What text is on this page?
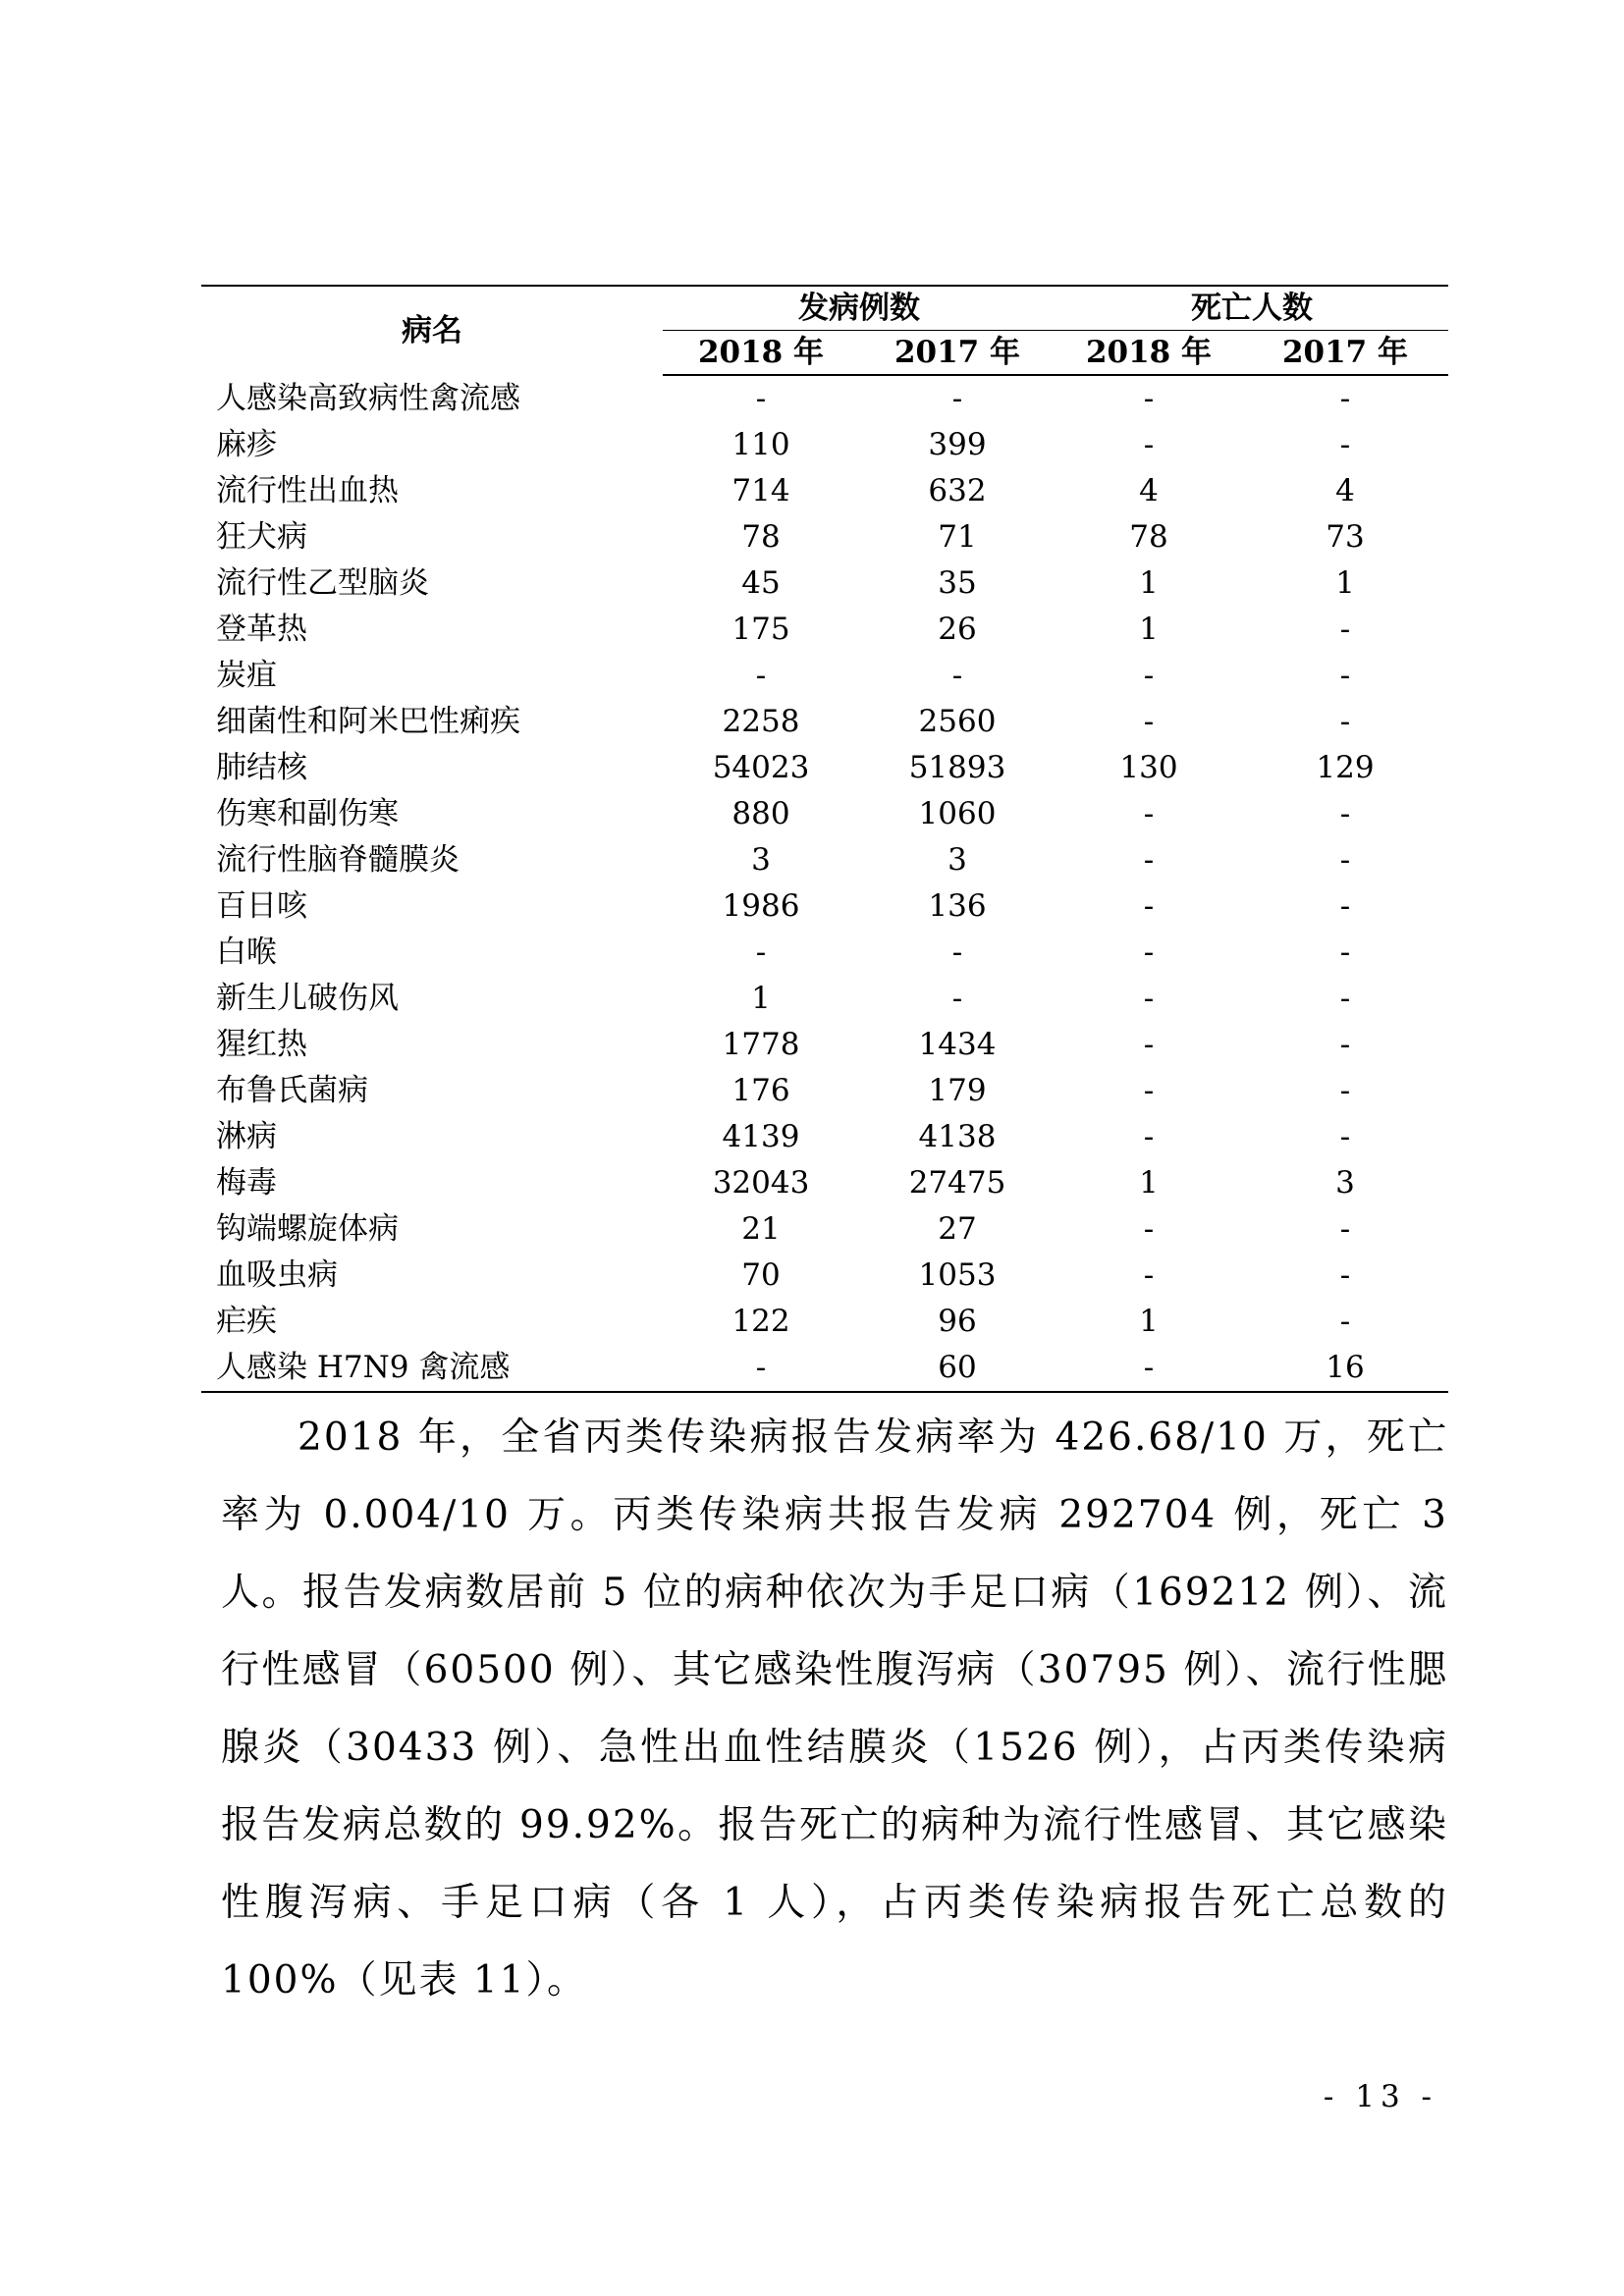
病名	发病例数		死亡人数	
	2018 年	2017 年	2018 年	2017 年
人感染高致病性禽流感	-	-	-	-
麻疹	110	399	-	-
流行性出血热	714	632	4	4
狂犬病	78	71	78	73
流行性乙型脑炎	45	35	1	1
登革热	175	26	1	-
炭疽	-	-	-	-
细菌性和阿米巴性痢疾	2258	2560	-	-
肺结核	54023	51893	130	129
伤寒和副伤寒	880	1060	-	-
流行性脑脊髓膜炎	3	3	-	-
百日咳	1986	136	-	-
白喉	-	-	-	-
新生儿破伤风	1	-	-	-
猩红热	1778	1434	-	-
布鲁氏菌病	176	179	-	-
淋病	4139	4138	-	-
梅毒	32043	27475	1	3
钩端螺旋体病	21	27	-	-
血吸虫病	70	1053	-	-
疟疾	122	96	1	-
人感染 H7N9 禽流感	-	60	-	16

2018 年，全省丙类传染病报告发病率为 426.68/10 万，死亡率为 0.004/10 万。丙类传染病共报告发病 292704 例，死亡 3 人。报告发病数居前 5 位的病种依次为手足口病（169212 例）、流行性感冒（60500 例）、其它感染性腹泻病（30795 例）、流行性腮腺炎（30433 例）、急性出血性结膜炎（1526 例），占丙类传染病报告发病总数的 99.92%。报告死亡的病种为流行性感冒、其它感染性腹泻病、手足口病（各 1 人），占丙类传染病报告死亡总数的 100%（见表 11）。

- 13 -
